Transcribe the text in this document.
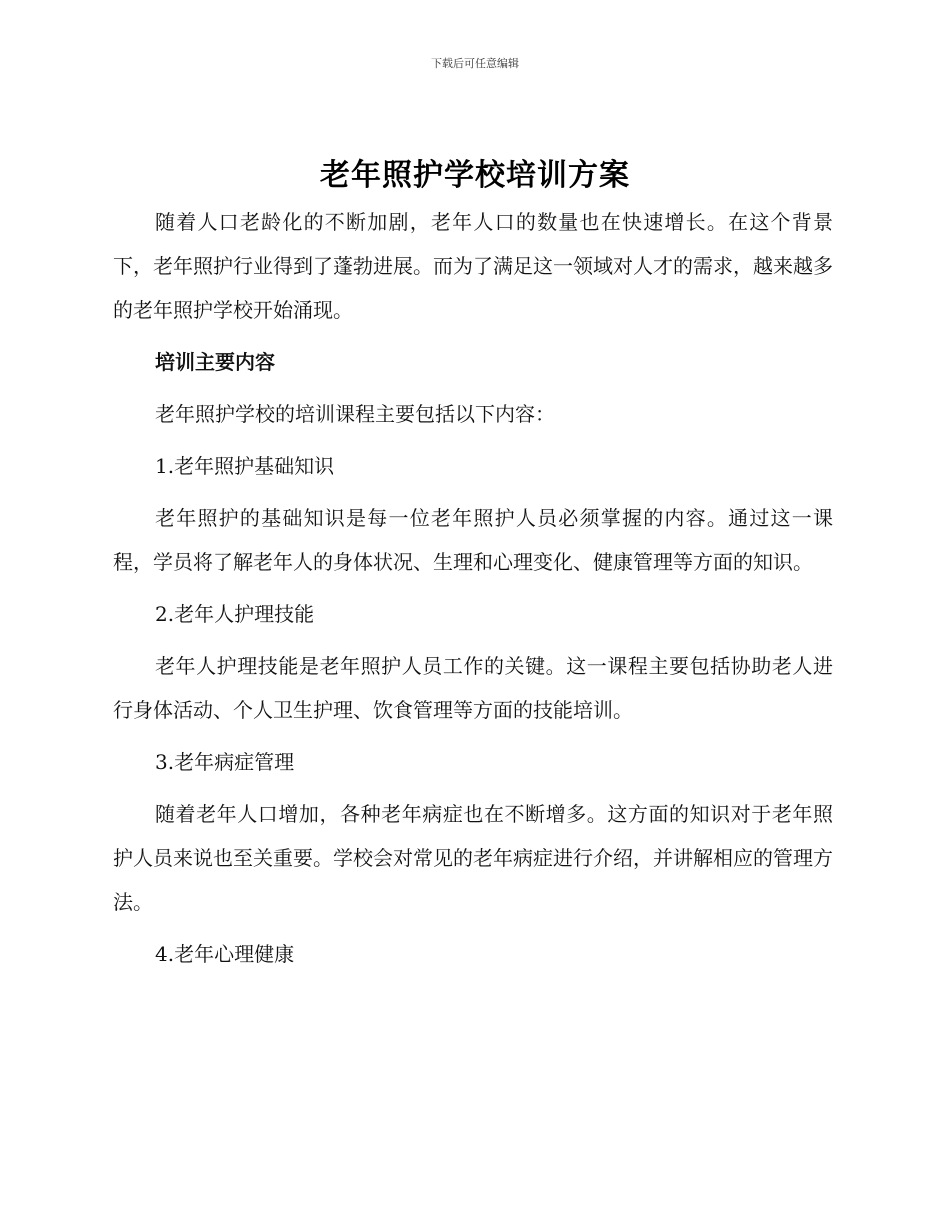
下载后可任意编辑
老年照护学校培训方案

随着人口老龄化的不断加剧，老年人口的数量也在快速增长。在这个背景下，老年照护行业得到了蓬勃进展。而为了满足这一领域对人才的需求，越来越多的老年照护学校开始涌现。

培训主要内容

老年照护学校的培训课程主要包括以下内容：

1.老年照护基础知识

老年照护的基础知识是每一位老年照护人员必须掌握的内容。通过这一课程，学员将了解老年人的身体状况、生理和心理变化、健康管理等方面的知识。

2.老年人护理技能

老年人护理技能是老年照护人员工作的关键。这一课程主要包括协助老人进行身体活动、个人卫生护理、饮食管理等方面的技能培训。

3.老年病症管理

随着老年人口增加，各种老年病症也在不断增多。这方面的知识对于老年照护人员来说也至关重要。学校会对常见的老年病症进行介绍，并讲解相应的管理方法。

4.老年心理健康
